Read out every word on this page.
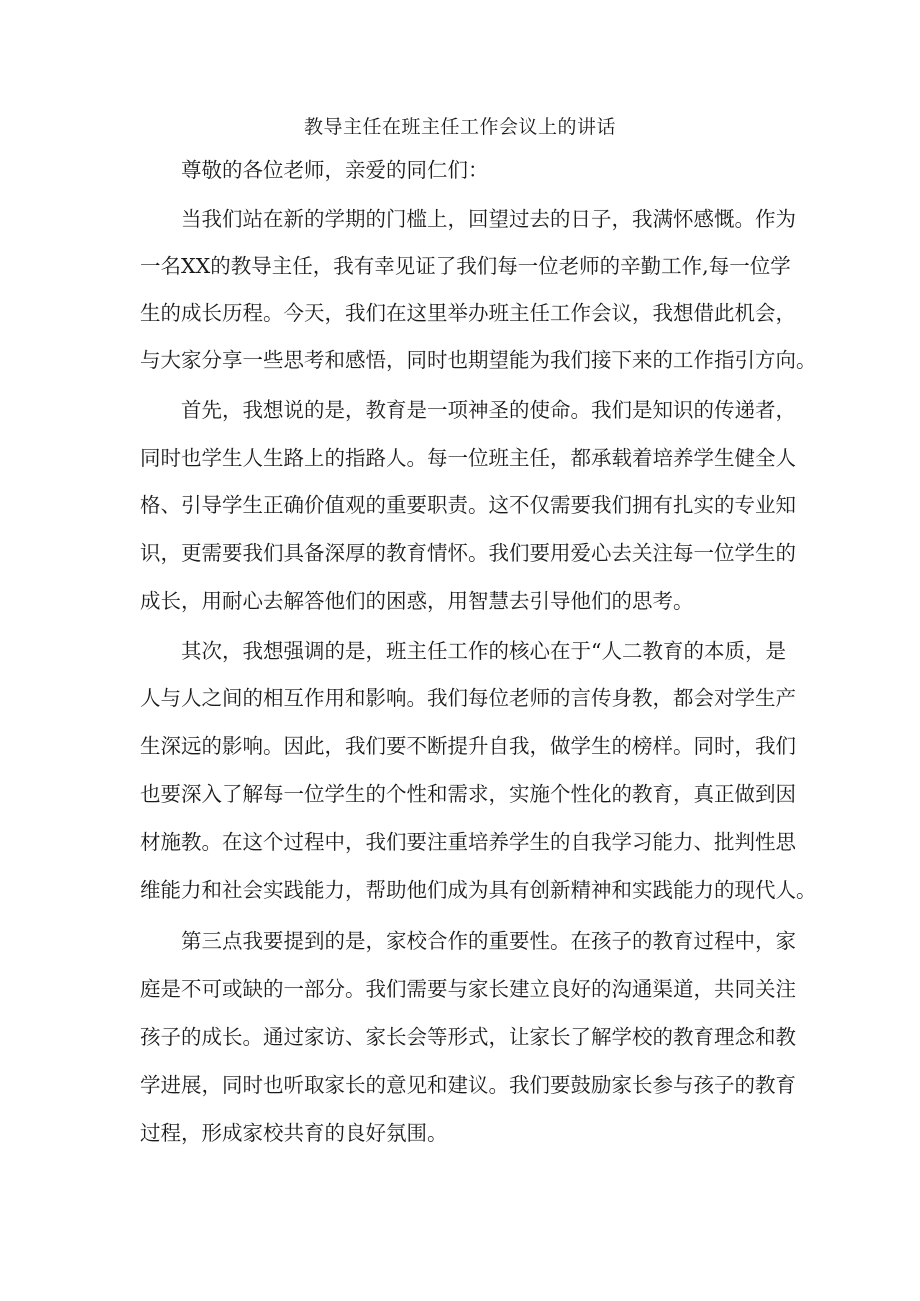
教导主任在班主任工作会议上的讲话
尊敬的各位老师，亲爱的同仁们：
当我们站在新的学期的门槛上，回望过去的日子，我满怀感慨。作为
一名XX的教导主任，我有幸见证了我们每一位老师的辛勤工作,每一位学
生的成长历程。今天，我们在这里举办班主任工作会议，我想借此机会，
与大家分享一些思考和感悟，同时也期望能为我们接下来的工作指引方向。
首先，我想说的是，教育是一项神圣的使命。我们是知识的传递者，
同时也学生人生路上的指路人。每一位班主任，都承载着培养学生健全人
格、引导学生正确价值观的重要职责。这不仅需要我们拥有扎实的专业知
识，更需要我们具备深厚的教育情怀。我们要用爱心去关注每一位学生的
成长，用耐心去解答他们的困惑，用智慧去引导他们的思考。
其次，我想强调的是，班主任工作的核心在于“人二教育的本质，是
人与人之间的相互作用和影响。我们每位老师的言传身教，都会对学生产
生深远的影响。因此，我们要不断提升自我，做学生的榜样。同时，我们
也要深入了解每一位学生的个性和需求，实施个性化的教育，真正做到因
材施教。在这个过程中，我们要注重培养学生的自我学习能力、批判性思
维能力和社会实践能力，帮助他们成为具有创新精神和实践能力的现代人。
第三点我要提到的是，家校合作的重要性。在孩子的教育过程中，家
庭是不可或缺的一部分。我们需要与家长建立良好的沟通渠道，共同关注
孩子的成长。通过家访、家长会等形式，让家长了解学校的教育理念和教
学进展，同时也听取家长的意见和建议。我们要鼓励家长参与孩子的教育
过程，形成家校共育的良好氛围。
